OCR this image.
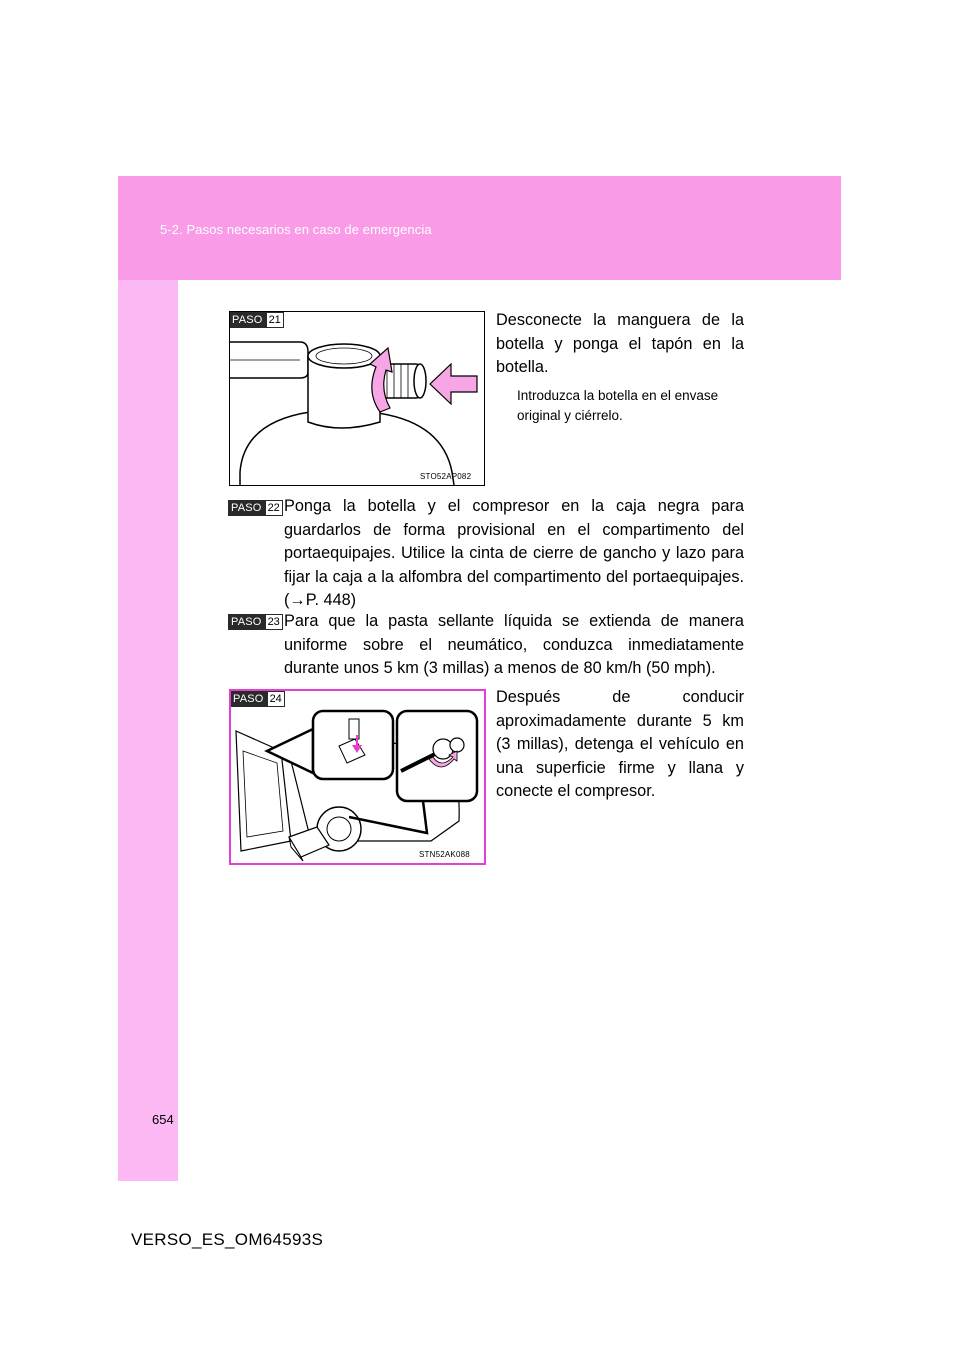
5-2. Pasos necesarios en caso de emergencia
PASO 21
STO52AP082

Desconecte la manguera de la botella y ponga el tapón en la botella.

Introduzca la botella en el envase original y ciérrelo.

PASO 22 Ponga la botella y el compresor en la caja negra para guardarlos de forma provisional en el compartimento del portaequipajes. Utilice la cinta de cierre de gancho y lazo para fijar la caja a la alfombra del compartimento del portaequipajes. (→P. 448)

PASO 23 Para que la pasta sellante líquida se extienda de manera uniforme sobre el neumático, conduzca inmediatamente durante unos 5 km (3 millas) a menos de 80 km/h (50 mph).

PASO 24
STN52AK088

Después de conducir aproximadamente durante 5 km (3 millas), detenga el vehículo en una superficie firme y llana y conecte el compresor.

654
VERSO_ES_OM64593S
